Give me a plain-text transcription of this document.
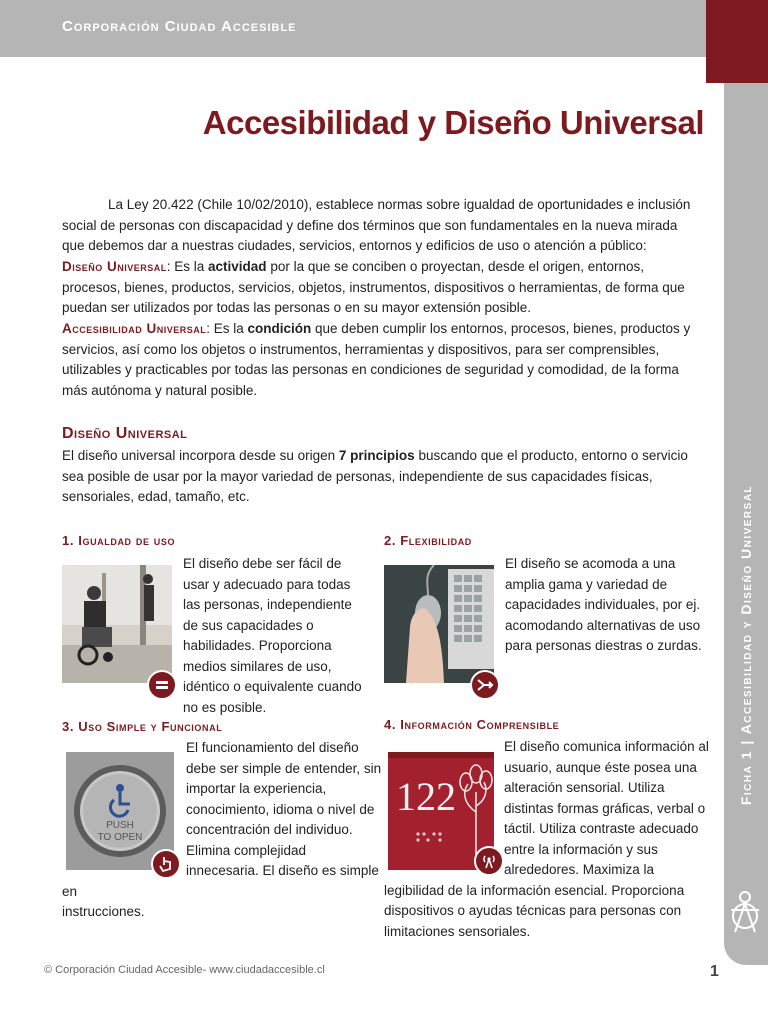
Corporación Ciudad Accesible
Ficha 1 | Accesibilidad y Diseño Universal
Accesibilidad y Diseño Universal
La Ley 20.422 (Chile 10/02/2010), establece normas sobre igualdad de oportunidades e inclusión social de personas con discapacidad y define dos términos que son fundamentales en la nueva mirada que debemos dar a nuestras ciudades, servicios, entornos y edificios de uso o atención a público:
Diseño Universal: Es la actividad por la que se conciben o proyectan, desde el origen, entornos, procesos, bienes, productos, servicios, objetos, instrumentos, dispositivos o herramientas, de forma que puedan ser utilizados por todas las personas o en su mayor extensión posible.
Accesibilidad Universal: Es la condición que deben cumplir los entornos, procesos, bienes, productos y servicios, así como los objetos o instrumentos, herramientas y dispositivos, para ser comprensibles, utilizables y practicables por todas las personas en condiciones de seguridad y comodidad, de la forma más autónoma y natural posible.
Diseño Universal
El diseño universal incorpora desde su origen 7 principios buscando que el producto, entorno o servicio sea posible de usar por la mayor variedad de personas, independiente de sus capacidades físicas, sensoriales, edad, tamaño, etc.
1. Igualdad de uso
El diseño debe ser fácil de usar y adecuado para todas las personas, independiente de sus capacidades o habilidades. Proporciona medios similares de uso, idéntico o equivalente cuando no es posible.
2. Flexibilidad
El diseño se acomoda a una amplia gama y variedad de capacidades individuales, por ej. acomodando alternativas de uso para personas diestras o zurdas.
3. Uso Simple y Funcional
PUSH
TO OPEN
El funcionamiento del diseño debe ser simple de entender, sin importar la experiencia, conocimiento, idioma o nivel de concentración del individuo. Elimina complejidad innecesaria. El diseño es simple en
instrucciones.
4. Información Comprensible
122
El diseño comunica información al usuario, aunque éste posea una alteración sensorial. Utiliza distintas formas gráficas, verbal o táctil. Utiliza contraste adecuado entre la información y sus alrededores. Maximiza la legibilidad de la información esencial. Proporciona dispositivos o ayudas técnicas para personas con limitaciones sensoriales.
© Corporación Ciudad Accesible- www.ciudadaccesible.cl	1
